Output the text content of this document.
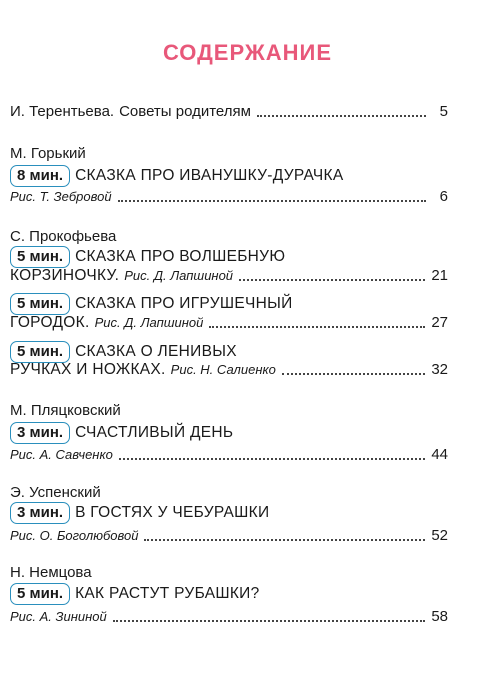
СОДЕРЖАНИЕ
И. Терентьева. Советы родителям	5
М. Горький
8 мин. СКАЗКА ПРО ИВАНУШКУ-ДУРАЧКА
Рис. Т. Зебровой	6
С. Прокофьева
5 мин. СКАЗКА ПРО ВОЛШЕБНУЮ
КОРЗИНОЧКУ. Рис. Д. Лапшиной	21
5 мин. СКАЗКА ПРО ИГРУШЕЧНЫЙ
ГОРОДОК. Рис. Д. Лапшиной	27
5 мин. СКАЗКА О ЛЕНИВЫХ
РУЧКАХ И НОЖКАХ. Рис. Н. Салиенко	32
М. Пляцковский
3 мин. СЧАСТЛИВЫЙ ДЕНЬ
Рис. А. Савченко	44
Э. Успенский
3 мин. В ГОСТЯХ У ЧЕБУРАШКИ
Рис. О. Боголюбовой	52
Н. Немцова
5 мин. КАК РАСТУТ РУБАШКИ?
Рис. А. Зининой	58
